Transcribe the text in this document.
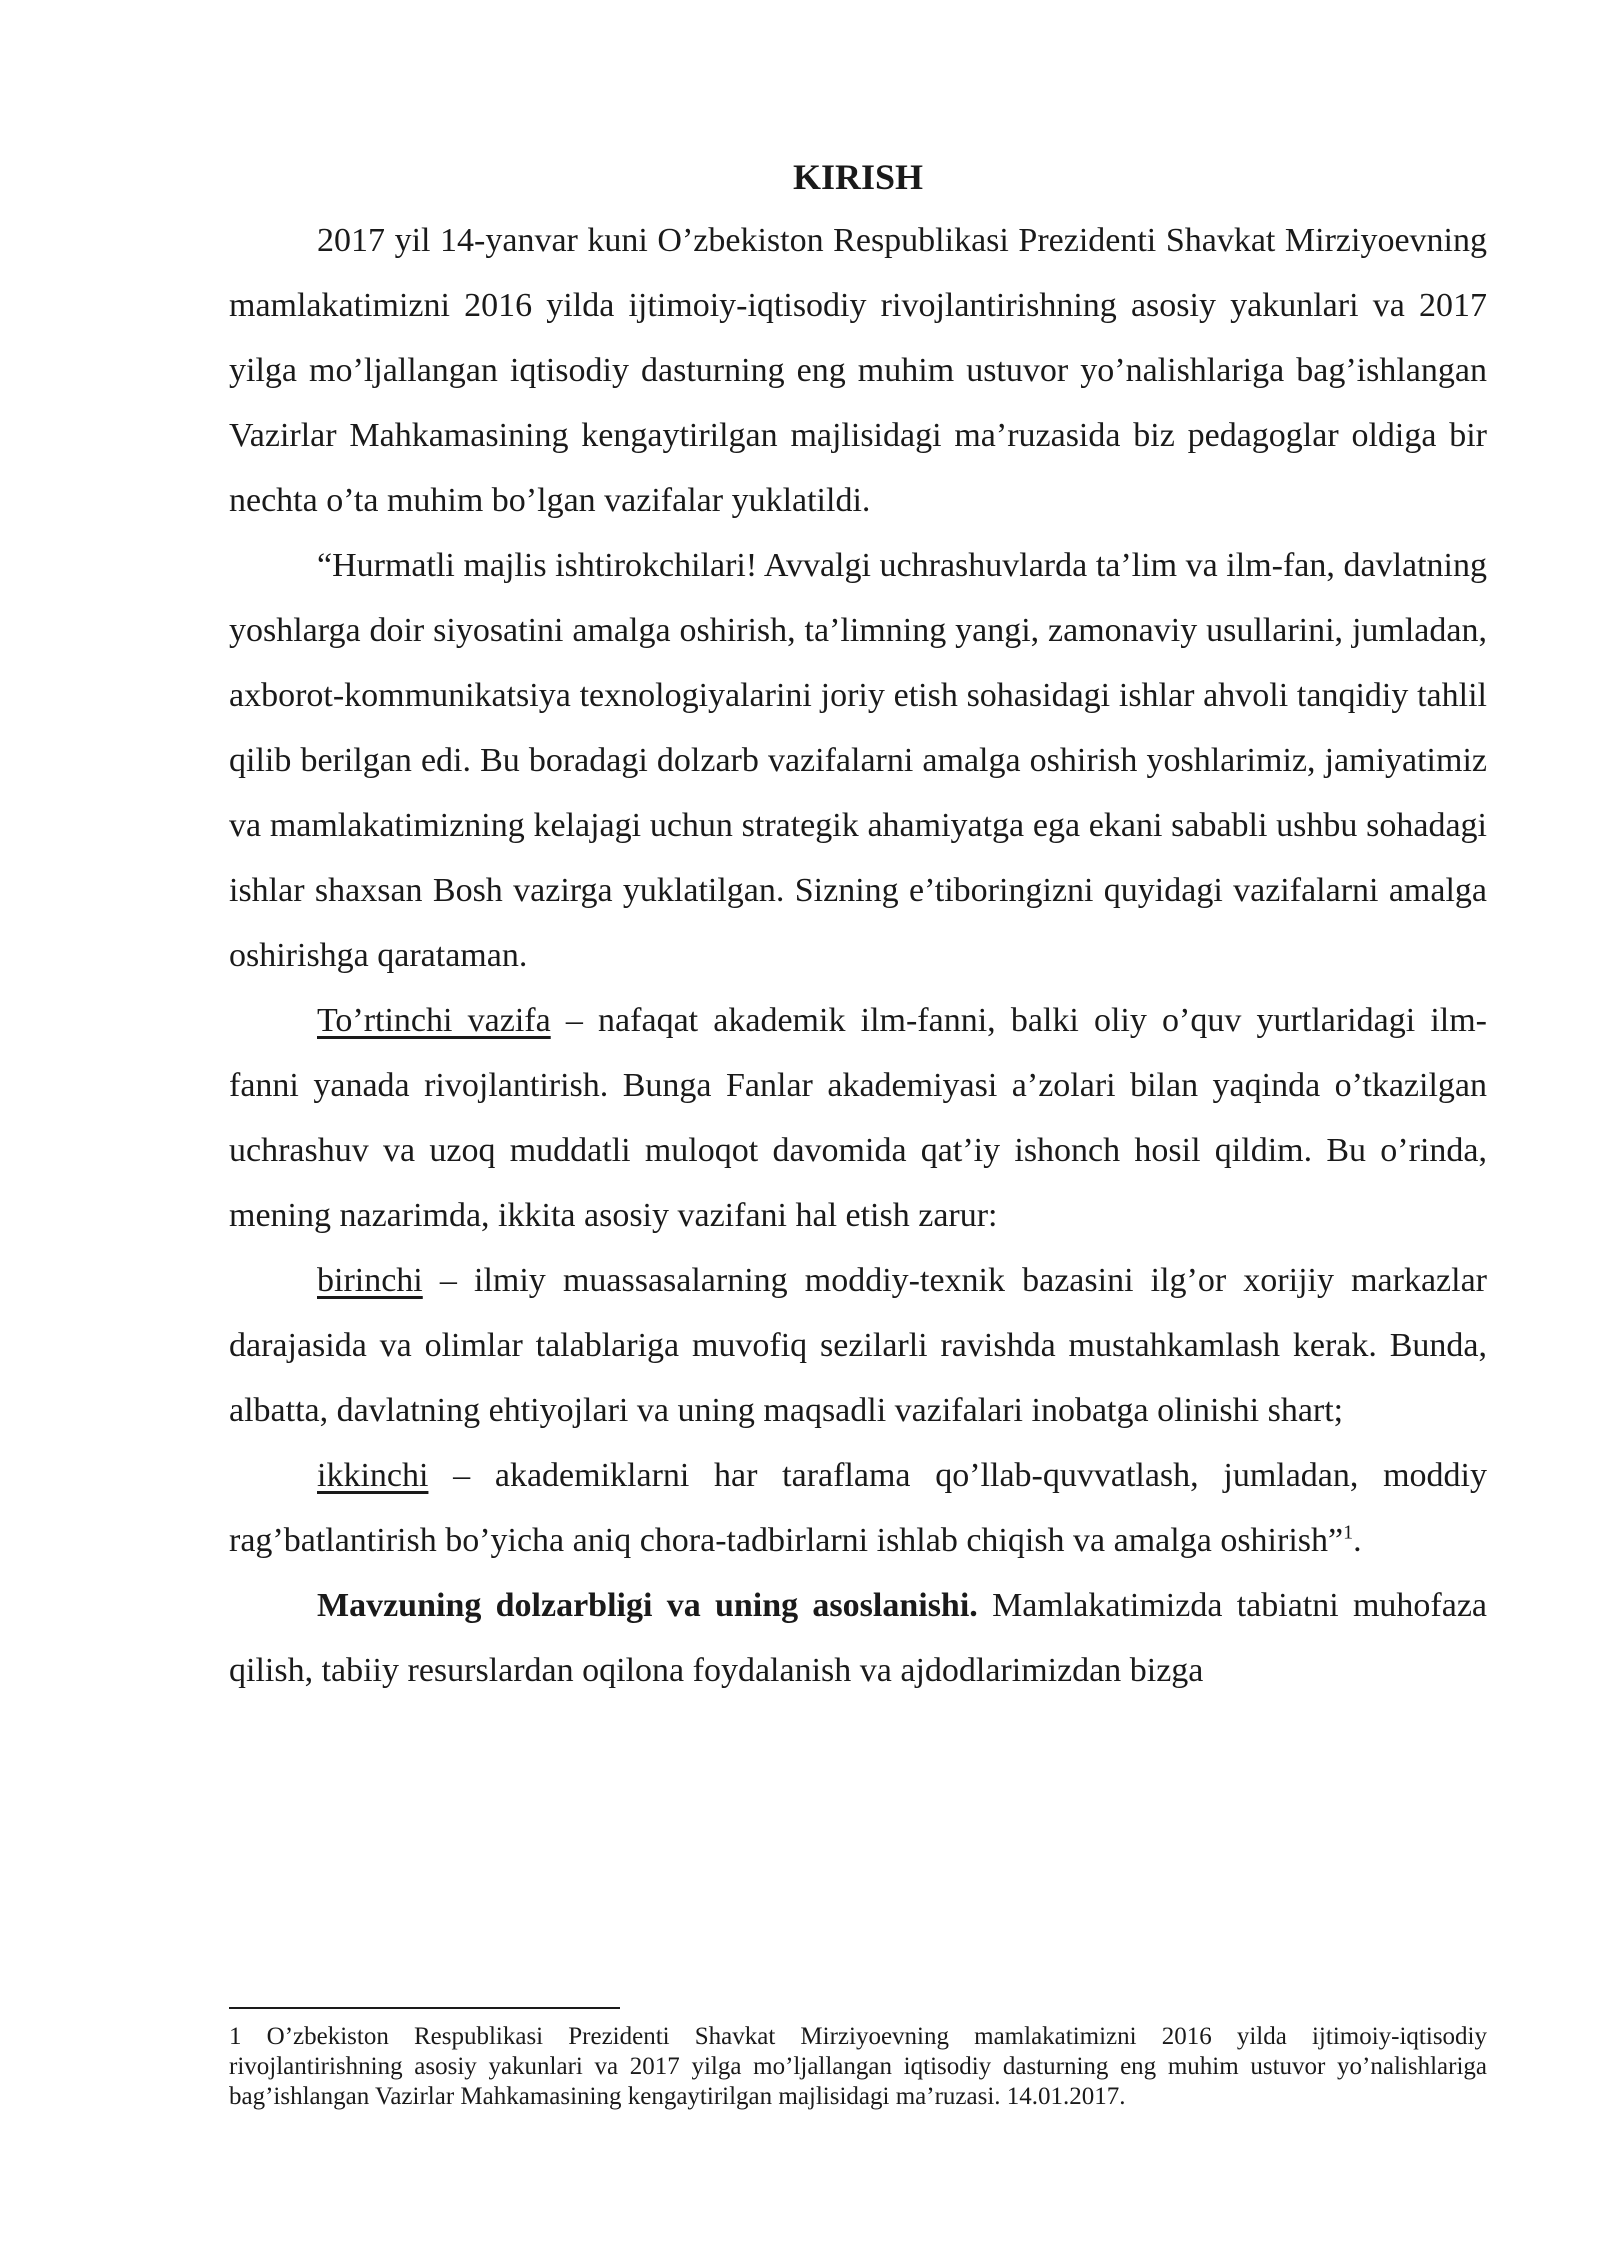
KIRISH

2017 yil 14-yanvar kuni O’zbekiston Respublikasi Prezidenti Shavkat Mirziyoevning mamlakatimizni 2016 yilda ijtimoiy-iqtisodiy rivojlantirishning asosiy yakunlari va 2017 yilga mo’ljallangan iqtisodiy dasturning eng muhim ustuvor yo’nalishlariga bag’ishlangan Vazirlar Mahkamasining kengaytirilgan majlisidagi ma’ruzasida biz pedagoglar oldiga bir nechta o’ta muhim bo’lgan vazifalar yuklatildi.

“Hurmatli majlis ishtirokchilari! Avvalgi uchrashuvlarda ta’lim va ilm-fan, davlatning yoshlarga doir siyosatini amalga oshirish, ta’limning yangi, zamonaviy usullarini, jumladan, axborot-kommunikatsiya texnologiyalarini joriy etish sohasidagi ishlar ahvoli tanqidiy tahlil qilib berilgan edi. Bu boradagi dolzarb vazifalarni amalga oshirish yoshlarimiz, jamiyatimiz va mamlakatimizning kelajagi uchun strategik ahamiyatga ega ekani sababli ushbu sohadagi ishlar shaxsan Bosh vazirga yuklatilgan. Sizning e’tiboringizni quyidagi vazifalarni amalga oshirishga qarataman.

To’rtinchi vazifa – nafaqat akademik ilm-fanni, balki oliy o’quv yurtlaridagi ilm-fanni yanada rivojlantirish. Bunga Fanlar akademiyasi a’zolari bilan yaqinda o’tkazilgan uchrashuv va uzoq muddatli muloqot davomida qat’iy ishonch hosil qildim. Bu o’rinda, mening nazarimda, ikkita asosiy vazifani hal etish zarur:

birinchi – ilmiy muassasalarning moddiy-texnik bazasini ilg’or xorijiy markazlar darajasida va olimlar talablariga muvofiq sezilarli ravishda mustahkamlash kerak. Bunda, albatta, davlatning ehtiyojlari va uning maqsadli vazifalari inobatga olinishi shart;

ikkinchi – akademiklarni har taraflama qo’llab-quvvatlash, jumladan, moddiy rag’batlantirish bo’yicha aniq chora-tadbirlarni ishlab chiqish va amalga oshirish”$^1$.

Mavzuning dolzarbligi va uning asoslanishi. Mamlakatimizda tabiatni muhofaza qilish, tabiiy resurslardan oqilona foydalanish va ajdodlarimizdan bizga

1 O’zbekiston Respublikasi Prezidenti Shavkat Mirziyoevning mamlakatimizni 2016 yilda ijtimoiy-iqtisodiy rivojlantirishning asosiy yakunlari va 2017 yilga mo’ljallangan iqtisodiy dasturning eng muhim ustuvor yo’nalishlariga bag’ishlangan Vazirlar Mahkamasining kengaytirilgan majlisidagi ma’ruzasi. 14.01.2017.
